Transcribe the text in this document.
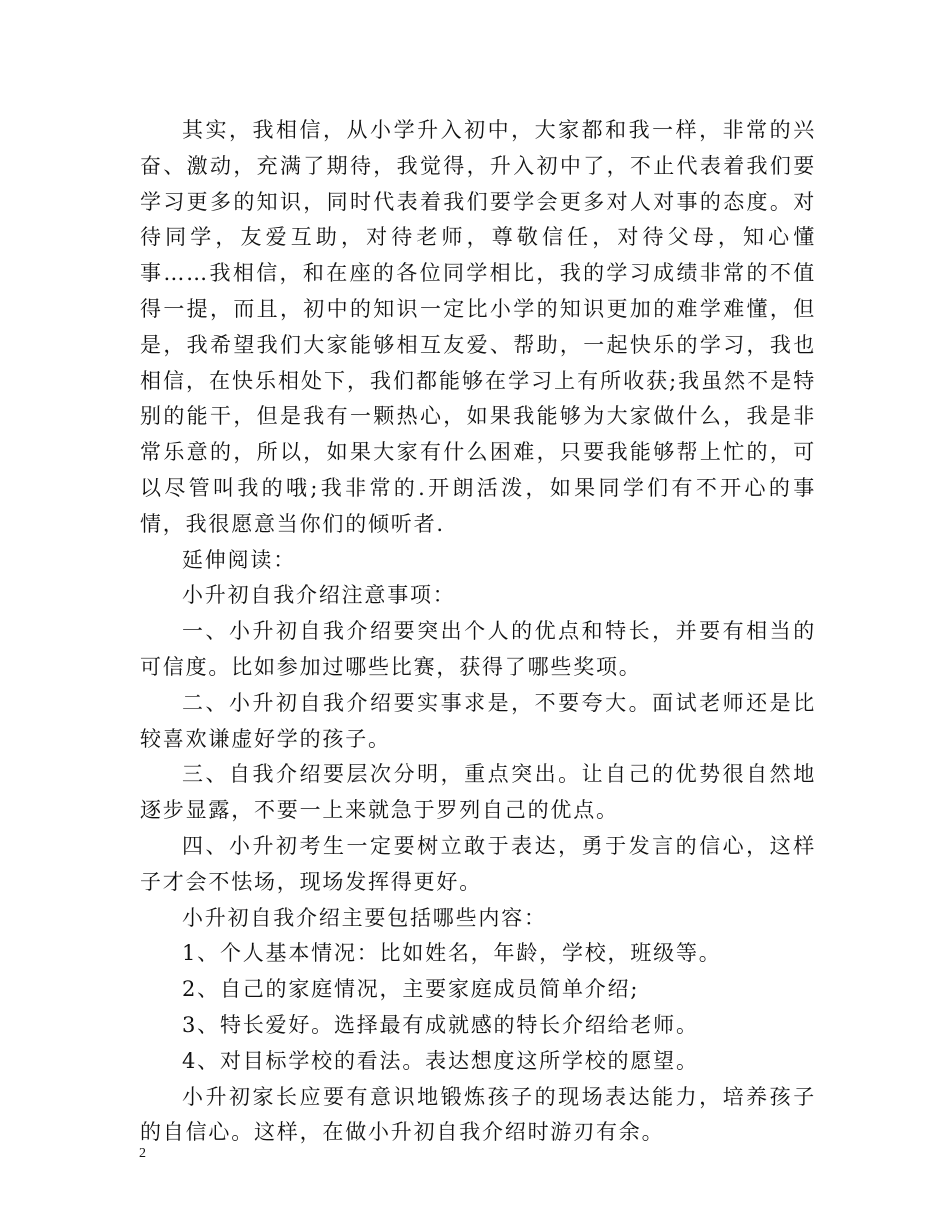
其实，我相信，从小学升入初中，大家都和我一样，非常的兴奋、激动，充满了期待，我觉得，升入初中了，不止代表着我们要学习更多的知识，同时代表着我们要学会更多对人对事的态度。对待同学，友爱互助，对待老师，尊敬信任，对待父母，知心懂事……我相信，和在座的各位同学相比，我的学习成绩非常的不值得一提，而且，初中的知识一定比小学的知识更加的难学难懂，但是，我希望我们大家能够相互友爱、帮助，一起快乐的学习，我也相信，在快乐相处下，我们都能够在学习上有所收获;我虽然不是特别的能干，但是我有一颗热心，如果我能够为大家做什么，我是非常乐意的，所以，如果大家有什么困难，只要我能够帮上忙的，可以尽管叫我的哦;我非常的.开朗活泼，如果同学们有不开心的事情，我很愿意当你们的倾听者.

延伸阅读：

小升初自我介绍注意事项：

一、小升初自我介绍要突出个人的优点和特长，并要有相当的可信度。比如参加过哪些比赛，获得了哪些奖项。

二、小升初自我介绍要实事求是，不要夸大。面试老师还是比较喜欢谦虚好学的孩子。

三、自我介绍要层次分明，重点突出。让自己的优势很自然地逐步显露，不要一上来就急于罗列自己的优点。

四、小升初考生一定要树立敢于表达，勇于发言的信心，这样子才会不怯场，现场发挥得更好。

小升初自我介绍主要包括哪些内容：

1、个人基本情况：比如姓名，年龄，学校，班级等。

2、自己的家庭情况，主要家庭成员简单介绍;

3、特长爱好。选择最有成就感的特长介绍给老师。

4、对目标学校的看法。表达想度这所学校的愿望。

小升初家长应要有意识地锻炼孩子的现场表达能力，培养孩子的自信心。这样，在做小升初自我介绍时游刃有余。

2
